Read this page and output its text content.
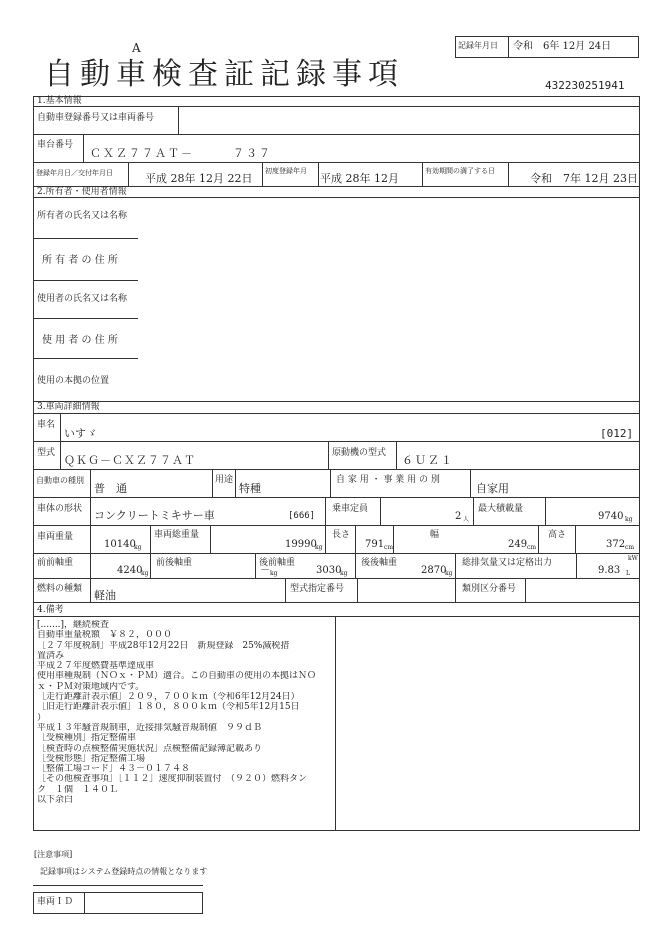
A
自動車検査証記録事項
記録年月日 令和　6年 12月 24日
432230251941
1.基本情報
自動車登録番号又は車両番号
車台番号
ＣＸＺ７７ＡＴ－　　　７３７
登録年月日／交付年月日	平成 28年 12月 22日
初度登録年月
平成 28年 12月
有効期間の満了する日
令和　7年 12月 23日
2.所有者・使用者情報
所有者の氏名又は名称
所 有 者 の 住 所
使用者の氏名又は名称
使 用 者 の 住 所
使用の本拠の位置
3.車両詳細情報
車名
いすゞ	[012]
型式
ＱＫＧ－ＣＸＺ７７ＡＴ
原動機の型式
６ＵＺ１
自動車の種別
普　通
用途
特種
自 家 用 ・ 事 業 用 の 別
自家用
車体の形状 コンクリートミキサー車	[666]
乗車定員
2 人
最大積載量
9740 kg
車両重量
10140
kg
車両総重量
19990
kg
長さ
791 cm
幅
249 cm
高さ
372 cm
前前軸重
4240
kg
前後軸重
－ kg
後前軸重
3030
kg
後後軸重
2870
kg
総排気量又は定格出力	kW
9.83 L
燃料の種類 軽油	型式指定番号	類別区分番号
4.備考
[.......]，継続検査
自動車重量税額　￥８２，０００
［２７年度税制］平成28年12月22日　新規登録　25%減税措
置済み
平成２７年度燃費基準達成車
使用車種規制（ＮＯｘ・ＰＭ）適合。この自動車の使用の本拠はＮＯ
ｘ・ＰＭ対策地域内です。
［走行距離計表示値］２０９，７００ｋｍ（令和6年12月24日）
［旧走行距離計表示値］１８０，８００ｋｍ（令和5年12月15日
）
平成１３年騒音規制車，近接排気騒音規制値　９９ｄＢ
［受検種別］指定整備車
［検査時の点検整備実施状況］点検整備記録簿記載あり
［受検形態］指定整備工場
［整備工場コード］４３－０１７４８
［その他検査事項］［１１２］速度抑制装置付　（９２０）燃料タン
ク　１個　１４０Ｌ
以下余白
[注意事項]
記録事項はシステム登録時点の情報となります
車両ＩＤ
